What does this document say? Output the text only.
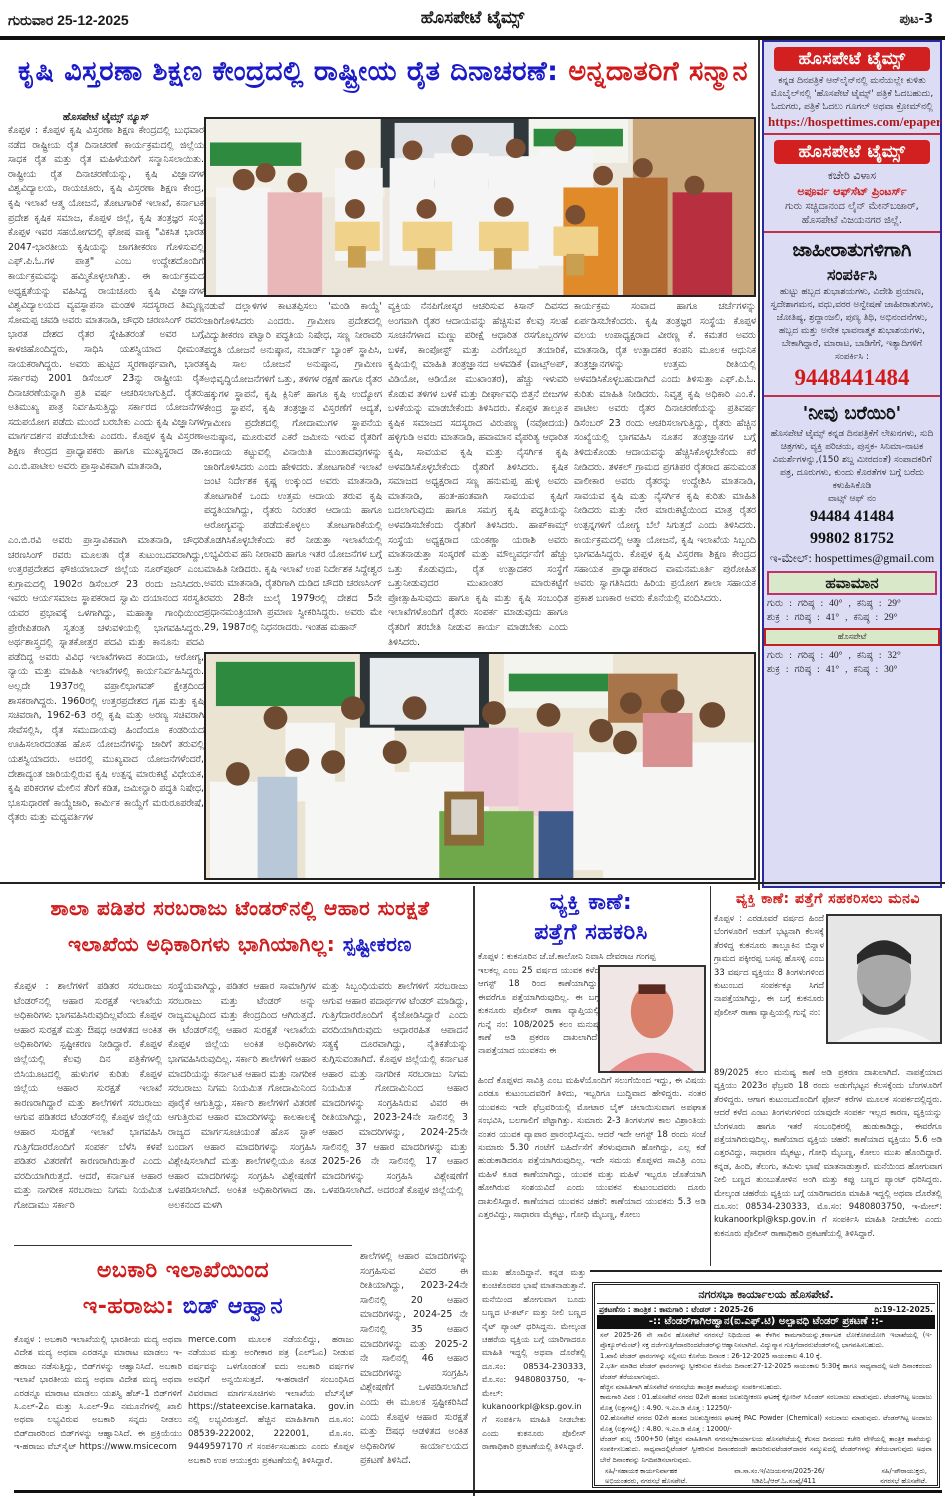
ಗುರುವಾರ 25-12-2025	ಹೊಸಪೇಟೆ ಟೈಮ್ಸ್	ಪುಟ-3
ಕೃಷಿ ವಿಸ್ತರಣಾ ಶಿಕ್ಷಣ ಕೇಂದ್ರದಲ್ಲಿ ರಾಷ್ಟ್ರೀಯ ರೈತ ದಿನಾಚರಣೆ: ಅನ್ನದಾತರಿಗೆ ಸನ್ಮಾನ
ಹೊಸಪೇಟೆ ಟೈಮ್ಸ್ ನ್ಯೂಸ್
ಕೊಪ್ಪಳ : ಕೊಪ್ಪಳ ಕೃಷಿ ವಿಸ್ತರಣಾ ಶಿಕ್ಷಣ ಕೇಂದ್ರದಲ್ಲಿ ಬುಧವಾರ ನಡೆದ ರಾಷ್ಟ್ರೀಯ ರೈತ ದಿನಾಚರಣೆ ಕಾರ್ಯಕ್ರಮದಲ್ಲಿ ಜಿಲ್ಲೆಯ ಸಾಧಕ ರೈತ ಮತ್ತು ರೈತ ಮಹಿಳೆಯರಿಗೆ ಸನ್ಮಾನಿಸಲಾಯಿತು. ರಾಷ್ಟ್ರೀಯ ರೈತ ದಿನಾಚರಣೆಯನ್ನು, ಕೃಷಿ ವಿಜ್ಞಾನಗಳ ವಿಶ್ವವಿದ್ಯಾಲಯ, ರಾಯಚೂರು, ಕೃಷಿ ವಿಸ್ತರಣಾ ಶಿಕ್ಷಣ ಕೇಂದ್ರ, ಕೃಷಿ ಇಲಾಖೆ ಆತ್ಮ ಯೋಜನೆ, ತೋಟಗಾರಿಕೆ ಇಲಾಖೆ, ಕರ್ನಾಟಕ ಪ್ರದೇಶ ಕೃಷಿಕ ಸಮಾಜ, ಕೊಪ್ಪಳ ಜಿಲ್ಲೆ, ಕೃಷಿ ತಂತ್ರಜ್ಞರ ಸಂಸ್ಥೆ ಕೊಪ್ಪಳ ಇವರ ಸಹಯೋಗದಲ್ಲಿ ಘೋಷ ವಾಕ್ಯ "ವಿಕಸಿತ ಭಾರತ 2047-ಭಾರತೀಯ ಕೃಷಿಯನ್ನು ಜಾಗತೀಕರಣ ಗೊಳಿಸುವಲ್ಲಿ ಎಫ್.ಪಿ.ಓ.ಗಳ ಪಾತ್ರ" ಎಂಬ ಉದ್ದೇಶದೊಂದಿಗೆ ಕಾರ್ಯಕ್ರಮವನ್ನು ಹಮ್ಮಿಕೊಳ್ಳಲಾಗಿತ್ತು. ಈ ಕಾರ್ಯಕ್ರಮದ ಅಧ್ಯಕ್ಷತೆಯನ್ನು ವಹಿಸಿದ್ದ ರಾಯಚೂರು ಕೃಷಿ ವಿಜ್ಞಾನಗಳ ವಿಶ್ವವಿದ್ಯಾಲಯದ ವ್ಯವಸ್ಥಾಪನಾ ಮಂಡಳಿ ಸದಸ್ಯರಾದ ತಿಮ್ಮಣ್ಣ ಸೋಮಪ್ಪ ಚವಡಿ ಅವರು ಮಾತನಾಡಿ, ಚೌಧರಿ ಚರಣಸಿಂಗ್ ರವರು ಭಾರತ ದೇಶದ ರೈತರ ಸ್ನೇಹಿತರಂತೆ ಅವರ ಬಗ್ಗೆ ಕಾಳಜಿಹೊಂದಿದ್ದರು, ಸಾಧಿಸಿ ಯಶಸ್ವಿಯಾದ ಧೀಮಂತ ನಾಯಕರಾಗಿದ್ದರು. ಅವರು ಹುಟ್ಟಿದ ಸ್ಮರಣಾರ್ಥವಾಗಿ, ಭಾರತ ಸರ್ಕಾರವು 2001 ಡಿಸೆಂಬರ್ 23ನ್ನು ರಾಷ್ಟ್ರೀಯ ರೈತ ದಿನಾಚರಣೆಯನ್ನಾಗಿ ಪ್ರತಿ ವರ್ಷ ಆಚರಿಸಲಾಗುತ್ತಿದೆ. ರೈತರು ಅತಿಮುಖ್ಯ ಪಾತ್ರ ನಿರ್ವಹಿಸುತ್ತಿದ್ದು ಸರ್ಕಾರದ ಯೋಜನೆಗಳ ಸದುಪಯೋಗ ಪಡೆದು ಮುಂದೆ ಬರಬೇಕು ಎಂದು ಕೃಷಿ ವಿಜ್ಞಾನಿಗಳ ಮಾರ್ಗದರ್ಶನ ಪಡೆಯಬೇಕು ಎಂದರು. ಕೊಪ್ಪಳ ಕೃಷಿ ವಿಸ್ತರಣಾ ಶಿಕ್ಷಣ ಕೇಂದ್ರದ ಪ್ರಾಧ್ಯಾಪಕರು ಹಾಗೂ ಮುಖ್ಯಸ್ಥರಾದ ಡಾ. ಎಂ.ಬಿ.ಪಾಟೀಲ ಅವರು ಪ್ರಾಸ್ತಾವಿಕವಾಗಿ ಮಾತನಾಡಿ,
ನಡುವೆ ದಲ್ಲಾಳಿಗಳ ಕಾಟತಪ್ಪಿಸಲು 'ಮಂಡಿ ಕಾಯ್ದೆ' ಜಾರಿಗೊಳಿಸಿದರು ಎಂದರು. ಗ್ರಾಮೀಣ ಪ್ರದೇಶದಲ್ಲಿ ವಿದ್ಯುತೀಕರಣ ಪಟ್ವಾರಿ ಪದ್ಧತಿಯ ನಿಷೇಧ, ಸಣ್ಣ ನೀರಾವರಿ ಪದ್ಧತಿ ಯೋಜನೆ ಅನುಷ್ಠಾನ, ನಬಾರ್ಡ್ ಬ್ಯಾಂಕ್ ಸ್ಥಾಪಿಸಿ, ಕೃಷಿ ಸಾಲ ಯೋಜನೆ ಅನುಷ್ಠಾನ, ಗ್ರಾಮೀಣ ಅಭಿವೃದ್ಧಿಯೋಜನೆಗಳಿಗೆ ಒತ್ತು, ತಳಿಗಳ ರಕ್ಷಣೆ ಹಾಗೂ ರೈತರ ಹಕ್ಕುಗಳ ಸ್ಥಾಪನೆ, ಕೃಷಿ ಕ್ಲಿನಿಕ್ ಹಾಗೂ ಕೃಷಿ ಉದ್ಯೋಗ ಕೇಂದ್ರ ಸ್ಥಾಪನೆ, ಕೃಷಿ ತಂತ್ರಜ್ಞಾನ ವಿಸ್ತರಣೆಗೆ ಆದ್ಯತೆ, ಗ್ರಾಮೀಣ ಪ್ರದೇಶದಲ್ಲಿ ಗೋದಾಮುಗಳ ಸ್ಥಾಪನೆಯ ಅನುಷ್ಠಾನ, ಮೂರುವರೆ ಎಕರೆ ಜಮೀನು ಇರುವ ರೈತರಿಗೆ ಕಂದಾಯ ಕಟ್ಟುವಲ್ಲಿ ವಿನಾಯಿತಿ ಮುಂತಾದವುಗಳನ್ನು ಜಾರಿಗೊಳಿಸಿದರು ಎಂದು ಹೇಳಿದರು. ತೋಟಗಾರಿಕೆ ಇಲಾಖೆ ಜಂಟಿ ನಿರ್ದೇಶಕ ಕೃಷ್ಣ ಉಕ್ಕುಂದ ಅವರು ಮಾತನಾಡಿ, ತೋಟಗಾರಿಕೆ ಒಂದು ಉತ್ತಮ ಆದಾಯ ತರುವ ಕೃಷಿ ಪದ್ಧತಿಯಾಗಿದ್ದು, ರೈತರು ನಿರಂತರ ಆದಾಯ ಹಾಗೂ ಆರೋಗ್ಯವನ್ನು ಪಡೆದುಕೊಳ್ಳಲು ತೋಟಗಾರಿಕೆಯಲ್ಲಿ ತೊಡಗಿಸಿಕೊಳ್ಳಬೇಕೆಂದು ಕರೆ ನೀಡುತ್ತಾ ಇಲಾಖೆಯಲ್ಲಿ ಲಭ್ಯವಿರುವ ಹನಿ ನೀರಾವರಿ ಹಾಗೂ ಇತರ ಯೋಜನೆಗಳ ಬಗ್ಗೆ ಮಾಹಿತಿ ನೀಡಿದರು. ಕೃಷಿ ಇಲಾಖೆ ಉಪ ನಿರ್ದೇಶಕ ಸಿದ್ದೇಶ್ವರ ಅವರು ಮಾತನಾಡಿ, ರೈತರಿಗಾಗಿ ದುಡಿದ ಚೌದರಿ ಚರಣಸಿಂಗ್ ರವರು 28ನೇ ಜುಲೈ 1979ರಲ್ಲಿ ದೇಶದ 5ನೇ ಪ್ರಧಾನಮಂತ್ರಿಯಾಗಿ ಪ್ರಮಾಣ ಸ್ವೀಕರಿಸಿದ್ದರು. ಅವರು ಮೇ 29, 1987ರಲ್ಲಿ ನಿಧನರಾದರು. ಇಂತಹ ಮಹಾನ್
ವ್ಯಕ್ತಿಯ ನೆನಪಿಗೋಸ್ಕರ ಆಚರಿಸುವ ಕಿಸಾನ್ ದಿವಸದ ಅಂಗವಾಗಿ ರೈತರ ಆದಾಯವನ್ನು ಹೆಚ್ಚಿಸುವ ಕೆಲವು ಸಲಹೆ ಸೂಚನೆಗಳಾದ ಮಣ್ಣು ಪರೀಕ್ಷೆ ಆಧಾರಿತ ರಸಗೊಬ್ಬರಗಳ ಬಳಕೆ, ಕಾಂಪೋಸ್ಟ್ ಮತ್ತು ಎರೆಗೊಬ್ಬರ ತಯಾರಿಕೆ, ಕೃಷಿಯಲ್ಲಿ ಮಾಹಿತಿ ತಂತ್ರಜ್ಞಾನದ ಅಳವಡಿಕೆ (ವಾಟ್ಸ್‌ಅಪ್, ವಿಡಿಯೋ, ಆಡಿಯೋ ಮುಖಾಂತರ), ಹೆಚ್ಚು ಇಳುವರಿ ಕೊಡುವ ತಳಿಗಳ ಬಳಕೆ ಮತ್ತು ದೀರ್ಘಾವಧಿ ಬಿತ್ತನೆ ಬೀಜಗಳ ಬಳಕೆಯನ್ನು ಮಾಡಬೇಕೆಂದು ತಿಳಿಸಿದರು. ಕೊಪ್ಪಳ ತಾಲ್ಲೂಕ ಕೃಷಿಕ ಸಮಾಜದ ಸದಸ್ಯರಾದ ವಿರುಪಣ್ಣ (ನವೋದಯ) ಹಳ್ಳಿಗುಡಿ ಅವರು ಮಾತನಾಡಿ, ಹವಾಮಾನ ವೈಪರಿತ್ಯ ಆಧಾರಿತ ಕೃಷಿ, ಸಾವಯವ ಕೃಷಿ ಮತ್ತು ನೈಸರ್ಗಿಕ ಕೃಷಿ ಅಳವಡಿಸಿಕೊಳ್ಳಬೇಕೆಂದು ರೈತರಿಗೆ ತಿಳಿಸಿದರು. ಕೃಷಿಕ ಸಮಾಜದ ಅಧ್ಯಕ್ಷರಾದ ಸಣ್ಣ ಹನುಮಪ್ಪ ಹುಳ್ಳಿ ಅವರು ಮಾತನಾಡಿ, ಹಂತ-ಹಂತವಾಗಿ ಸಾವಯವ ಕೃಷಿಗೆ ಬದಲಾಗುವುದು ಹಾಗೂ ಸಮಗ್ರ ಕೃಷಿ ಪದ್ಧತಿಯನ್ನು ಅಳವಡಿಸಬೇಕೆಂದು ರೈತರಿಗೆ ತಿಳಿಸಿದರು. ಹಾಪ್‌ಕಾಮ್ಸ್ ಸಂಸ್ಥೆಯ ಅಧ್ಯಕ್ಷರಾದ ಯಂಕಣ್ಣಾ ಯರಾಶಿ ಅವರು ಮಾತನಾಡುತ್ತಾ ಸಂಸ್ಕರಣೆ ಮತ್ತು ಮೌಲ್ಯವರ್ಧನೆಗೆ ಹೆಚ್ಚು ಒತ್ತು ಕೊಡುವುದು, ರೈತ ಉತ್ಪಾದಕರ ಸಂಸ್ಥೆಗೆ ಒತ್ತುನೀಡುವುದರ ಮುಖಾಂತರ ಮಾರುಕಟ್ಟೆಗೆ ಪ್ರೋತ್ಸಾಹಿಸುವುದು ಹಾಗೂ ಕೃಷಿ ಮತ್ತು ಕೃಷಿ ಸಂಬಂಧಿತ ಇಲಾಖೆಗಳೊಂದಿಗೆ ರೈತರು ಸಂಪರ್ಕ ಮಾಡುವುದು ಹಾಗೂ ರೈತರಿಗೆ ತರಬೇತಿ ನೀಡುವ ಕಾರ್ಯ ಮಾಡಬೇಕು ಎಂದು ತಿಳಿಸಿದರು.
ಕಾರ್ಯಕ್ರಮ ಸಂವಾದ ಹಾಗೂ ಚರ್ಚೆಗಳನ್ನು ಏರ್ಪಡಿಸಬೇಕೆಂದರು. ಕೃಷಿ ತಂತ್ರಜ್ಞರ ಸಂಸ್ಥೆಯ ಕೊಪ್ಪಳ ವಲಯ ಉಪಾಧ್ಯಕ್ಷರಾದ ವೀರಣ್ಣ ಕೆ. ಕಮತರ ಅವರು ಮಾತನಾಡಿ, ರೈತ ಉತ್ಪಾದಕರ ಕಂಪನಿ ಮೂಲಕ ಆಧುನಿಕ ತಂತ್ರಜ್ಞಾನಗಳನ್ನು ಉತ್ತಮ ರೀತಿಯಲ್ಲಿ ಅಳವಡಿಸಿಕೊಳ್ಳಬಹುದಾಗಿದೆ ಎಂದು ತಿಳಿಸುತ್ತಾ ಎಫ್.ಪಿ.ಓ. ಕುರಿತು ಮಾಹಿತಿ ನೀಡಿದರು. ನಿವೃತ್ತ ಕೃಷಿ ಅಧಿಕಾರಿ ಎಂ.ಕೆ. ಪಾಟೀಲ ಅವರು ರೈತರ ದಿನಾಚರಣೆಯನ್ನು ಪ್ರತಿವರ್ಷ ಡಿಸೆಂಬರ್ 23 ರಂದು ಆಚರಿಸಲಾಗುತ್ತಿದ್ದು, ರೈತರು ಹೆಚ್ಚಿನ ಸಂಖ್ಯೆಯಲ್ಲಿ ಭಾಗವಹಿಸಿ ನೂತನ ತಂತ್ರಜ್ಞಾನಗಳ ಬಗ್ಗೆ ತಿಳಿದುಕೊಂಡು ಆದಾಯವನ್ನು ಹೆಚ್ಚಿಸಿಕೊಳ್ಳಬೇಕೆಂದು ಕರೆ ನೀಡಿದರು. ತಳಕಲ್ ಗ್ರಾಮದ ಪ್ರಗತಿಪರ ರೈತರಾದ ಹನುಮಂತ ವಾಲೀಕಾರ ಅವರು ರೈತರನ್ನು ಉದ್ದೇಶಿಸಿ ಮಾತನಾಡಿ, ಸಾವಯವ ಕೃಷಿ ಮತ್ತು ನೈಸರ್ಗಿಕ ಕೃಷಿ ಕುರಿತು ಮಾಹಿತಿ ನೀಡಿದರು ಮತ್ತು ನೇರ ಮಾರುಕಟ್ಟೆಯಿಂದ ಮಾತ್ರ ರೈತರ ಉತ್ಪನ್ನಗಳಿಗೆ ಯೋಗ್ಯ ಬೆಲೆ ಸಿಗುತ್ತದೆ ಎಂದು ತಿಳಿಸಿದರು. ಕಾರ್ಯಕ್ರಮದಲ್ಲಿ ಆತ್ಮಾ ಯೋಜನೆ, ಕೃಷಿ ಇಲಾಖೆಯ ಸಿಬ್ಬಂದಿ ಭಾಗವಹಿಸಿದ್ದರು. ಕೊಪ್ಪಳ ಕೃಷಿ ವಿಸ್ತರಣಾ ಶಿಕ್ಷಣ ಕೇಂದ್ರದ ಸಹಾಯಕ ಪ್ರಾಧ್ಯಾಪಕರಾದ ವಾಮನಮೂರ್ತಿ ಪುರೋಹಿತ ಅವರು ಸ್ವಾಗತಿಸಿದರು ಹಿರಿಯ ಪ್ರಯೋಗ ಶಾಲಾ ಸಹಾಯಕ ಪ್ರಕಾಶ ಬಣಕಾರ ಅವರು ಕೊನೆಯಲ್ಲಿ ವಂದಿಸಿದರು.
ಎಂ.ಬಿ.ರವಿ ಅವರು ಪ್ರಾಸ್ತಾವಿಕವಾಗಿ ಮಾತನಾಡಿ, ಚೌಧರಿ ಚರಣಸಿಂಗ್ ರವರು ಮೂಲತಃ ರೈತ ಕುಟುಂಬದವರಾಗಿದ್ದು, ಉತ್ತರಪ್ರದೇಶದ ಘೌಜಿಯಾಬಾದ್ ಜಿಲ್ಲೆಯ ನೂರ್‌ಪೂರ್ ಎಂಬ ಕುಗ್ರಾಮದಲ್ಲಿ 1902ರ ಡಿಸೆಂಬರ್ 23 ರಂದು ಜನಿಸಿದರು. ಇವರು ಆರ್ಯಸಮಾಜ ಸ್ಥಾಪಕರಾದ ಸ್ವಾಮಿ ದಯಾನಂದ ಸರಸ್ವತಿ ಯವರ ಪ್ರಭಾವಕ್ಕೆ ಒಳಗಾಗಿದ್ದು, ಮಹಾತ್ಮಾ ಗಾಂಧಿಯಿಂದ ಪ್ರೇರೇಪಿತರಾಗಿ ಸ್ವತಂತ್ರ ಚಳುವಳಿಯಲ್ಲಿ ಭಾಗವಹಿಸಿದ್ದರು. ಅರ್ಥಶಾಸ್ತ್ರದಲ್ಲಿ ಸ್ನಾತಕೋತ್ತರ ಪದವಿ ಮತ್ತು ಕಾನೂನು ಪದವಿ ಪಡೆದಿದ್ದ ಅವರು ವಿವಿಧ ಇಲಾಖೆಗಳಾದ ಕಂದಾಯ, ಆರೋಗ್ಯ, ನ್ಯಾಯ ಮತ್ತು ಮಾಹಿತಿ ಇಲಾಖೆಗಳಲ್ಲಿ ಕಾರ್ಯನಿರ್ವಹಿಸಿದ್ದರು. ಅಲ್ಲದೇ 1937ರಲ್ಲಿ ವಪ್ರಾಲಿಭಾಗವತ್ ಕ್ಷೇತ್ರದಿಂದ ಶಾಸಕರಾಗಿದ್ದರು. 1960ರಲ್ಲಿ ಉತ್ತರಪ್ರದೇಶದ ಗೃಹ ಮತ್ತು ಕೃಷಿ ಸಚಿವರಾಗಿ, 1962-63 ರಲ್ಲಿ ಕೃಷಿ ಮತ್ತು ಅರಣ್ಯ ಸಚಿವರಾಗಿ ಸೇವೆಸಲ್ಲಿಸಿ, ರೈತ ಸಮುದಾಯವು ಹಿಂದೆಂದೂ ಕಂಡರಿಯದ ಊಹಿಸಲಾರದಂತಹ ಹೊಸ ಯೋಜನೆಗಳನ್ನು ಜಾರಿಗೆ ತರುವಲ್ಲಿ ಯಶಸ್ವಿಯಾದರು. ಅದರಲ್ಲಿ ಮುಖ್ಯವಾದ ಯೋಜನೆಗಳೆಂದರೆ, ದೇಶಾದ್ಯಂತ ಜಾರಿಯಲ್ಲಿರುವ ಕೃಷಿ ಉತ್ಪನ್ನ ಮಾರುಕಟ್ಟೆ ವಿಧೇಯಕ, ಕೃಷಿ ಪರಿಕರಗಳ ಮೇಲಿನ ತೆರಿಗೆ ಕಡಿತ, ಜಮೀನ್ದಾರಿ ಪದ್ಧತಿ ನಿಷೇಧ, ಭೂಸುಧಾರಣೆ ಕಾಯ್ದೆಜಾರಿ, ಕಾರ್ಮಿಕ ಕಾಯ್ದೆಗೆ ಮರುರೂಪರೇಷೆ, ರೈತರು ಮತ್ತು ಮಧ್ಯವರ್ತಿಗಳ
ಹೊಸಪೇಟೆ ಟೈಮ್ಸ್
ಕನ್ನಡ ದಿನಪತ್ರಿಕೆ ಆನ್‌ಲೈನ್‌ನಲ್ಲಿ ಮನೆಯಲ್ಲೇ ಕುಳಿತು ಮೊಬೈಲ್‌ನಲ್ಲಿ 'ಹೊಸಪೇಟೆ ಟೈಮ್ಸ್' ಪತ್ರಿಕೆ ಓದಬಹುದು, ಓದುಗರು, ಪತ್ರಿಕೆ ಓದಲು ಗೂಗಲ್ ಅಥವಾ ಕ್ರೋಮ್‌ನಲ್ಲಿ
https://hospettimes.com/epaper
ಹೊಸಪೇಟೆ ಟೈಮ್ಸ್
ಕಚೇರಿ ವಿಳಾಸ
ಅಪೂರ್ವ ಆಫ್‌ಸೆಟ್ ಪ್ರಿಂಟರ್ಸ್
ಗುರು ಸಚ್ಚಿದಾನಂದ ಲೈನ್ ಮೇನ್‌ಬಜಾರ್, ಹೊಸಪೇಟೆ ವಿಜಯನಗರ ಜಿಲ್ಲೆ.
ಜಾಹೀರಾತುಗಳಿಗಾಗಿ
ಸಂಪರ್ಕಿಸಿ
ಹುಟ್ಟು ಹಬ್ಬದ ಶುಭಾಶಯಗಳು, ವಿದೇಶಿ ಪ್ರಯಾಣ, ಸ್ವದೇಶಾಗಮನ, ವಧು,ವರರ ಅನ್ವೇಷಣೆ ಜಾಹೀರಾತುಗಳು, ಜೋತಿಷ್ಯ, ಶ್ರದ್ಧಾಂಜಲಿ, ಪುಣ್ಯ ತಿಥಿ, ಅಭಿನಂದನೆಗಳು, ಹಬ್ಬದ ಮತ್ತು ಅನೇಕ ಭಾವನಾತ್ಮಕ ಶುಭಾಶಯಗಳು, ಬೇಕಾಗಿದ್ದಾರೆ, ಮಾರಾಟ, ಬಾಡಿಗೆಗೆ, ಇತ್ಯಾದಿಗಳಿಗೆ
ಸಂಪರ್ಕಿಸಿ :
9448441484
'ನೀವು ಬರೆಯಿರಿ'
ಹೊಸಪೇಟೆ ಟೈಮ್ಸ್ ಕನ್ನಡ ದಿನಪತ್ರಿಕೆಗೆ ಲೇಖನಗಳು, ಸುದಿ ಚಿತ್ರಗಳು, ವ್ಯಕ್ತಿ ಪರಿಚಯ, ಪುಸ್ತಕ- ಸಿನಿಮಾ-ನಾಟಕ ವಿಮರ್ಶೆಗಳನ್ನು,(150 ಶಬ್ದ ಮೀರದಂತೆ) ಸಂಪಾದಕರಿಗೆ ಪತ್ರ, ದೂರುಗಳು, ಕುಂದು ಕೊರತೆಗಳ ಬಗ್ಗೆ ಬರೆದು ಕಳುಹಿಸಿಕೊಡಿ
ವಾಟ್ಸ್ ಆಫ್ ನಂ
94484 41484
99802 81752
ಇ-ಮೇಲ್: hospettimes@gmail.com
ಹವಾಮಾನ
ಗುರು : ಗರಿಷ್ಠ : 40° , ಕನಿಷ್ಠ : 29°
ಶುಕ್ರ : ಗರಿಷ್ಠ : 41° , ಕನಿಷ್ಠ : 29°
ಹೊಸಪೇಟೆ
ಗುರು : ಗರಿಷ್ಠ : 40° , ಕನಿಷ್ಠ : 32°
ಶುಕ್ರ : ಗರಿಷ್ಠ : 41° , ಕನಿಷ್ಠ : 30°
ಶಾಲಾ ಪಡಿತರ ಸರಬರಾಜು ಟೆಂಡರ್‌ನಲ್ಲಿ ಆಹಾರ ಸುರಕ್ಷತೆ
ಇಲಾಖೆಯ ಅಧಿಕಾರಿಗಳು ಭಾಗಿಯಾಗಿಲ್ಲ: ಸ್ಪಷ್ಟೀಕರಣ
ಕೊಪ್ಪಳ : ಶಾಲೆಗಳಿಗೆ ಪಡಿತರ ಸರಬರಾಜು ಟೆಂಡರ್‌ನಲ್ಲಿ ಆಹಾರ ಸುರಕ್ಷತೆ ಇಲಾಖೆಯ ಅಧಿಕಾರಿಗಳು ಭಾಗವಹಿಸಿರುವುದಿಲ್ಲವೆಂದು ಕೊಪ್ಪಳ ಆಹಾರ ಸುರಕ್ಷತೆ ಮತ್ತು ಔಷಧ ಆಡಳಿತದ ಅಂಕಿತ ಅಧಿಕಾರಿಗಳು ಸ್ಪಷ್ಟೀಕರಣ ನೀಡಿದ್ದಾರೆ. ಕೊಪ್ಪಳ ಜಿಲ್ಲೆಯಲ್ಲಿ ಕೆಲವು ದಿನ ಪತ್ರಿಕೆಗಳಲ್ಲಿ ಬಿಸಿಯೂಟದಲ್ಲಿ ಹುಳುಗಳ ಕುರಿತು ಕೊಪ್ಪಳ ಜಿಲ್ಲೆಯ ಆಹಾರ ಸುರಕ್ಷತೆ ಇಲಾಖೆ ಕಾರಣರಾಗಿದ್ದಾರೆ ಮತ್ತು ಶಾಲೆಗಳಿಗೆ ಸರಬರಾಜು ಆಗುವ ಪಡಿತರದ ಟೆಂಡರ್‌ನಲ್ಲಿ ಕೊಪ್ಪಳ ಜಿಲ್ಲೆಯ ಆಹಾರ ಸುರಕ್ಷತೆ ಇಲಾಖೆ ಭಾಗವಹಿಸಿ ಗುತ್ತಿಗೆದಾರರೊಂದಿಗೆ ಸಂಪರ್ಕ ಬೆಳೆಸಿ ಕಳಪೆ ಪಡಿತರ ವಿತರಣೆಗೆ ಕಾರಣರಾಗಿರುತ್ತಾರೆ ಎಂದು ವರದಿಯಾಗಿರುತ್ತದೆ. ಆದರೆ, ಕರ್ನಾಟಕ ಆಹಾರ ಮತ್ತು ನಾಗರೀಕ ಸರಬರಾಜು ನಿಗಮ ನಿಯಮಿತ ಗೋದಾಮು ಸರ್ಕಾರಿ
ಸಂಸ್ಥೆಯವಾಗಿದ್ದು, ಪಡಿತರ ಆಹಾರ ಸಾಮಾಗ್ರಿಗಳ ಸರಬರಾಜು ಮತ್ತು ಟೆಂಡರ್ ಅನ್ನು ರಾಜ್ಯಮಟ್ಟದಿಂದ ಮತ್ತು ಕೇಂದ್ರದಿಂದ ಆಗಿರುತ್ತದೆ. ಈ ಟೆಂಡರ್‌ನಲ್ಲಿ ಆಹಾರ ಸುರಕ್ಷತೆ ಇಲಾಖೆಯ ಕೊಪ್ಪಳ ಜಿಲ್ಲೆಯ ಅಂಕಿತ ಅಧಿಕಾರಿಗಳು ಭಾಗವಹಿಸಿರುವುದಿಲ್ಲ. ಸರ್ಕಾರಿ ಶಾಲೆಗಳಿಗೆ ಆಹಾರ ಮಾದರಿಯನ್ನು ಕರ್ನಾಟಕ ಆಹಾರ ಮತ್ತು ನಾಗರೀಕ ಸರಬರಾಜು ನಿಗಮ ನಿಯಮಿತ ಗೋದಾಮಿನಿಂದ ಪೂರೈಕೆ ಆಗುತ್ತಿದ್ದು, ಸರ್ಕಾರಿ ಶಾಲೆಗಳಿಗೆ ವಿತರಣೆ ಆಗುತ್ತಿರುವ ಆಹಾರ ಮಾದರಿಗಳನ್ನು ಕಾಲಕಾಲಕ್ಕೆ ರಾಜ್ಯದ ಮಾರ್ಗಸೂಚಿಯಂತೆ ಹೊಸ ಸ್ಟಾಕ್ ಬಂದಾಗ ಆಹಾರ ಮಾದರಿಗಳನ್ನು ಸಂಗ್ರಹಿಸಿ ವಿಶ್ಲೇಷಿಸಲಾಗಿದೆ ಮತ್ತು ಶಾಲೆಗಳಲ್ಲಿಯೂ ಕೂಡ ಆಹಾರ ಮಾದರಿಗಳನ್ನು ಸಂಗ್ರಹಿಸಿ ವಿಶ್ಲೇಷಣೆಗೆ ಒಳಪಡಿಸಲಾಗಿದೆ. ಅಂಕಿತ ಅಧಿಕಾರಿಗಳಾದ ಡಾ. ಅಲಕನಂದ ಮಳಗಿ
ಮತ್ತು ಸಿಬ್ಬಂಧಿಯವರು ಶಾಲೆಗಳಿಗೆ ಸರಬರಾಜು ಆಗುವ ಆಹಾರ ಪದಾರ್ಥಗಳ ಟೆಂಡರ್ ಮಾಡಿದ್ದು, ಗುತ್ತಿಗೆದಾರರೊಂದಿಗೆ ಕೈಜೋಡಿಸಿದ್ದಾರೆ ಎಂದು ವರದಿಯಾಗಿರುವುದು ಆಧಾರರಹಿತ ಆಪಾದನೆ ಸತ್ಯಕ್ಕೆ ದೂರವಾಗಿದ್ದು, ನೈತಿಕತೆಯನ್ನು ಕುಗ್ಗಿಸುವಂತಾಗಿದೆ. ಕೊಪ್ಪಳ ಜಿಲ್ಲೆಯಲ್ಲಿ ಕರ್ನಾಟಕ ಆಹಾರ ಮತ್ತು ನಾಗರೀಕ ಸರಬರಾಜು ನಿಗಮ ನಿಯಮಿತ ಗೋದಾಮಿನಿಂದ ಆಹಾರ ಮಾದರಿಗಳನ್ನು ಸಂಗ್ರಹಿಸಿರುವ ವಿವರ ಈ ರೀತಿಯಾಗಿದ್ದು, 2023-24ನೇ ಸಾಲಿನಲ್ಲಿ 3 ಆಹಾರ ಮಾದರಿಗಳನ್ನು, 2024-25ನೇ ಸಾಲಿನಲ್ಲಿ 37 ಆಹಾರ ಮಾದರಿಗಳನ್ನು ಮತ್ತು 2025-26 ನೇ ಸಾಲಿನಲ್ಲಿ 17 ಆಹಾರ ಮಾದರಿಗಳನ್ನು ಸಂಗ್ರಹಿಸಿ ವಿಶ್ಲೇಷಣೆಗೆ ಒಳಪಡಿಸಲಾಗಿದೆ. ಅದರಂತೆ ಕೊಪ್ಪಳ ಜಿಲ್ಲೆಯಲ್ಲಿ
ಶಾಲೆಗಳಲ್ಲಿ ಆಹಾರ ಮಾದರಿಗಳನ್ನು ಸಂಗ್ರಹಿಸುವ ವಿವರ ಈ ರೀತಿಯಾಗಿದ್ದು, 2023-24ನೇ ಸಾಲಿನಲ್ಲಿ 20 ಆಹಾರ ಮಾದರಿಗಳನ್ನು, 2024-25 ನೇ ಸಾಲಿನಲ್ಲಿ 35 ಆಹಾರ ಮಾದರಿಗಳನ್ನು ಮತ್ತು 2025-2 ನೇ ಸಾಲಿನಲ್ಲಿ 46 ಆಹಾರ ಮಾದರಿಗಳನ್ನು ಸಂಗ್ರಹಿಸಿ ವಿಶ್ಲೇಷಣೆಗೆ ಒಳಪಡಿಸಲಾಗಿದೆ ಎಂದು ಈ ಮೂಲಕ ಸ್ಪಷ್ಟೀಕರಿಸಿದೆ ಎಂದು ಕೊಪ್ಪಳ ಆಹಾರ ಸುರಕ್ಷತೆ ಮತ್ತು ಔಷಧ ಆಡಳಿತದ ಅಂಕಿತ ಅಧಿಕಾರಿಗಳ ಕಾರ್ಯಾಲಯದ ಪ್ರಕಟಣೆ ತಿಳಿಸಿದೆ.
ಅಬಕಾರಿ ಇಲಾಖೆಯಿಂದ
ಇ-ಹರಾಜು: ಬಿಡ್ ಆಹ್ವಾನ
ಕೊಪ್ಪಳ : ಅಬಕಾರಿ ಇಲಾಖೆಯಲ್ಲಿ ಭಾರತೀಯ ಮದ್ಯ ಅಥವಾ ವಿದೇಶ ಮದ್ಯ ಅಥವಾ ಎರಡನ್ನೂ ಮಾರಾಟ ಮಾಡಲು ಇ-ಹರಾಜು ನಡೆಸುತ್ತಿದ್ದು, ಬಿಡ್‌ಗಳನ್ನು ಆಹ್ವಾನಿಸಿದೆ. ಅಬಕಾರಿ ಇಲಾಖೆ ಭಾರತೀಯ ಮದ್ಯ ಅಥವಾ ವಿದೇಶ ಮದ್ಯ ಅಥವಾ ಎರಡನ್ನೂ ಮಾರಾಟ ಮಾಡಲು ಯಶಸ್ವಿ ಹೆಚ್-1 ಬಿಡ್‌ಗಳಿಗೆ ಸಿ.ಎಲ್-2ಎ ಮತ್ತು ಸಿ.ಎಲ್-9ಎ ನಮೂನೆಗಳಲ್ಲಿ ಖಾಲಿ ಅಥವಾ ಲಭ್ಯವಿರುವ ಅಬಕಾರಿ ಸನ್ನದು ನೀಡಲು ಬಿಡ್‌ದಾರರಿಂದ ಬಿಡ್‌ಗಳನ್ನು ಆಹ್ವಾನಿಸಿದೆ. ಈ ಪ್ರಕ್ರಿಯೆಯು ಇ-ಹರಾಜು ವೆಬ್‌ಸೈಟ್ https://www.msicecom
merce.com ಮೂಲಕ ನಡೆಯಲಿದ್ದು, ಹರಾಜು ನಡೆಯುವ ಮತ್ತು ಅಂಗೀಕಾರ ಪತ್ರ (ಎಲ್‌ಓಎ) ನೀಡುವ ವರ್ಷವನ್ನು ಒಳಗೊಂಡಂತೆ ಐದು ಅಬಕಾರಿ ವರ್ಷಗಳ ಅವಧಿಗೆ ಅನ್ವಯಿಸುತ್ತದೆ. ಇ-ಹರಾಜಿಗೆ ಸಂಬಂಧಿಸಿದ ವಿವರವಾದ ಮಾರ್ಗಸೂಚಿಗಳು ಇಲಾಖೆಯ ವೆಬ್‌ಸೈಟ್ https://stateexcise.karnataka. gov.in ನಲ್ಲಿ ಲಭ್ಯವಿರುತ್ತದೆ. ಹೆಚ್ಚಿನ ಮಾಹಿತಿಗಾಗಿ ದೂ.ಸಂ: 08539-222002, 222001, ಮೊ.ಸಂ. 9449597170 ಗೆ ಸಂಪರ್ಕಿಸಬಹುದು ಎಂದು ಕೊಪ್ಪಳ ಅಬಕಾರಿ ಉಪ ಆಯುಕ್ತರು ಪ್ರಕಟಣೆಯಲ್ಲಿ ತಿಳಿಸಿದ್ದಾರೆ.
ವ್ಯಕ್ತಿ ಕಾಣೆ:
ಪತ್ತೆಗೆ ಸಹಕರಿಸಿ
ಕೊಪ್ಪಳ : ಕುಕನೂರಿನ ಜೆ.ಜೆ.ಕಾಲೋನಿ ನಿವಾಸಿ ದೇವರಾಜ ಗಂಗಪ್ಪ
ಇಲಕಲ್ಲ ಎಂಬ 25 ವರ್ಷದ ಯುವಕ ಕಳೆದ ಆಗಸ್ಟ್ 18 ರಿಂದ ಕಾಣೆಯಾಗಿದ್ದು, ಈವರೆಗೂ ಪತ್ತೆಯಾಗಿರುವುದಿಲ್ಲ. ಈ ಬಗ್ಗೆ ಕುಕನೂರು ಪೊಲೀಸ್ ಠಾಣಾ ವ್ಯಾಪ್ತಿಯಲ್ಲಿ ಗುನ್ನೆ ನಂ: 108/2025 ಕಲಂ ಮನುಷ್ಯ ಕಾಣೆ ಅಡಿ ಪ್ರಕರಣ ದಾಖಲಾಗಿದೆ. ನಾಪತ್ತೆಯಾದ ಯುವಕನು ಈ
ಹಿಂದೆ ಕೊಪ್ಪಳದ ಸಾವಿತ್ರಿ ಎಂಬ ಮಹಿಳೆಯೊಂದಿಗೆ ಸಲುಗೆಯಿಂದ ಇದ್ದು, ಈ ವಿಷಯ ಎರಡೂ ಕುಟುಂಬದವರಿಗೆ ತಿಳಿದು, ಇಬ್ಬರಿಗೂ ಬುದ್ದಿವಾದ ಹೇಳಿದ್ದರು. ನಂತರ ಯುವಕನು ಇದೇ ಫೆಬ್ರವರಿಯಲ್ಲಿ ಮೋಟಾರ ಬೈಕ್ ಚಲಾಯಿಸುವಾಗ ಅಪಘಾತ ಸಂಭವಿಸಿ, ಬಲಗಾಲಿಗೆ ಪೆಟ್ಟಾಗಿತ್ತು. ಸುಮಾರು 2-3 ತಿಂಗಳುಗಳ ಕಾಲ ವಿಶ್ರಾಂತಿಯ ನಂತರ ಯುವಕ ವ್ಯಾಪಾರ ಪ್ರಾರಂಭಿಸಿದ್ದನು. ಆದರೆ ಇದೇ ಆಗಸ್ಟ್ 18 ರಂದು ಸಂಜೆ ಸುಮಾರು 5.30 ಗಂಟೆಗೆ ಬಹಿರ್ದೆಸೆಗೆ ತೆರಳುವುದಾಗಿ ಹೋಗಿದ್ದು, ಎಲ್ಲ ಕಡೆ ಹುಡುಕಾಡಿದರೂ ಪತ್ತೆಯಾಗಿರುವುದಿಲ್ಲ. ಇದೇ ಸಮಯ ಕೊಪ್ಪಳದ ಸಾವಿತ್ರಿ ಎಂಬ ಮಹಿಳೆ ಕೂಡ ಕಾಣೆಯಾಗಿದ್ದು, ಯುವಕ ಮತ್ತು ಮಹಿಳೆ ಇಬ್ಬರೂ ಜೊತೆಯಾಗಿ ಹೋಗಿರುವ ಸಂಶಯವಿದೆ ಎಂದು ಯುವಕನ ಕುಟುಂಬದವರು ದೂರು ದಾಖಲಿಸಿದ್ದಾರೆ. ಕಾಣೆಯಾದ ಯುವಕನ ಚಹರೆ: ಕಾಣೆಯಾದ ಯುವಕನು 5.3 ಅಡಿ ಎತ್ತರವಿದ್ದು, ಸಾಧಾರಣ ಮೈಕಟ್ಟು, ಗೋಧಿ ಮೈಬಣ್ಣ, ಕೋಲು
ಮುಖ ಹೊಂದಿದ್ದಾನೆ. ಕನ್ನಡ ಮತ್ತು ಕುಂಚಿಕೊರವರ ಭಾಷೆ ಮಾತನಾಡುತ್ತಾನೆ. ಮನೆಯಿಂದ ಹೋಗುವಾಗ ಬೂದು ಬಣ್ಣದ ಟಿ-ಶರ್ಟ್ ಮತ್ತು ನೀಲಿ ಬಣ್ಣದ ನೈಟ್ ಪ್ಯಾಂಟ್ ಧರಿಸಿದ್ದನು. ಮೇಲ್ಕಂಡ ಚಹರೆಯ ವ್ಯಕ್ತಿಯ ಬಗ್ಗೆ ಯಾರಿಗಾದರೂ ಮಾಹಿತಿ ಇದ್ದಲ್ಲಿ ಅಥವಾ ದೊರೆತಲ್ಲಿ ದೂ.ಸಂ: 08534-230333, ಮೊ.ಸಂ: 9480803750, ಇ-ಮೇಲ್: kukanoorkpl@ksp.gov.in ಗೆ ಸಂಪರ್ಕಿಸಿ ಮಾಹಿತಿ ನೀಡಬೇಕು ಎಂದು ಕುಕನೂರು ಪೊಲೀಸ್ ಠಾಣಾಧಿಕಾರಿ ಪ್ರಕಟಣೆಯಲ್ಲಿ ತಿಳಿಸಿದ್ದಾರೆ.
ವ್ಯಕ್ತಿ ಕಾಣೆ: ಪತ್ತೆಗೆ ಸಹಕರಿಸಲು ಮನವಿ
ಕೊಪ್ಪಳ : ಎರಡೂವರೆ ವರ್ಷದ ಹಿಂದೆ ಬೆಂಗಳೂರಿಗೆ ಅಡುಗೆ ಭಟ್ಟನಾಗಿ ಕೆಲಸಕ್ಕೆ ತೆರಳಿದ್ದ ಕುಕನೂರು ತಾಲ್ಲೂಕಿನ ಬಿನ್ನಾಳ ಗ್ರಾಮದ ಪಕ್ಕೀರಪ್ಪ ಬಸಪ್ಪ ಹೊಸಳ್ಳಿ ಎಂಬ 33 ವರ್ಷದ ವ್ಯಕ್ತಿಯು 8 ತಿಂಗಳುಗಳಿಂದ ಕುಟುಂಬದ ಸಂಪರ್ಕಕ್ಕೂ ಸಿಗದೆ ನಾಪತ್ತೆಯಾಗಿದ್ದು, ಈ ಬಗ್ಗೆ ಕುಕನೂರು ಪೊಲೀಸ್ ಠಾಣಾ ವ್ಯಾಪ್ತಿಯಲ್ಲಿ ಗುನ್ನೆ ನಂ:
89/2025 ಕಲಂ ಮನುಷ್ಯ ಕಾಣೆ ಅಡಿ ಪ್ರಕರಣ ದಾಖಲಾಗಿದೆ. ನಾಪತ್ತೆಯಾದ ವ್ಯಕ್ತಿಯು 2023ರ ಫೆಬ್ರವರಿ 18 ರಂದು ಅಡುಗೆಭಟ್ಟನ ಕೆಲಸಕ್ಕೆಂದು ಬೆಂಗಳೂರಿಗೆ ತೆರಳಿದ್ದರು. ಆಗಾಗ ಕುಟುಂಬದೊಂದಿಗೆ ಫೋನ್ ಕರೆಗಳ ಮೂಲಕ ಸಂಪರ್ಕದಲ್ಲಿದ್ದರು. ಆದರೆ ಕಳೆದ ಎಂಟು ತಿಂಗಳುಗಳಿಂದ ಯಾವುದೇ ಸಂಪರ್ಕ ಇಲ್ಲದ ಕಾರಣ, ವ್ಯಕ್ತಿಯನ್ನು ಬೆಂಗಳೂರು ಹಾಗೂ ಇತರೆ ಸಂಬಂಧಿಕರಲ್ಲಿ ಹುಡುಕಾಡಿದ್ದು, ಈವರೆಗೂ ಪತ್ತೆಯಾಗಿರುವುದಿಲ್ಲ. ಕಾಣೆಯಾದ ವ್ಯಕ್ತಿಯ ಚಹರೆ: ಕಾಣೆಯಾದ ವ್ಯಕ್ತಿಯು 5.6 ಅಡಿ ಎತ್ತರವಿದ್ದು, ಸಾಧಾರಣ ಮೈಕಟ್ಟು, ಗೋಧಿ ಮೈಬಣ್ಣ, ಕೋಲು ಮುಖ ಹೊಂದಿದ್ದಾರೆ. ಕನ್ನಡ, ಹಿಂದಿ, ತೆಲುಗು, ತಮಿಳು ಭಾಷೆ ಮಾತನಾಡುತ್ತಾರೆ. ಮನೆಯಿಂದ ಹೋಗುವಾಗ ನೀಲಿ ಬಣ್ಣದ ತುಂಬುತೋಳಿನ ಅಂಗಿ ಮತ್ತು ಕಪ್ಪು ಬಣ್ಣದ ಪ್ಯಾಂಟ್ ಧರಿಸಿದ್ದರು. ಮೇಲ್ಕಂಡ ಚಹರೆಯ ವ್ಯಕ್ತಿಯ ಬಗ್ಗೆ ಯಾರಿಗಾದರೂ ಮಾಹಿತಿ ಇದ್ದಲ್ಲಿ ಅಥವಾ ದೊರೆತಲ್ಲಿ ದೂ.ಸಂ: 08534-230333, ಮೊ.ಸಂ: 9480803750, ಇ-ಮೇಲ್: kukanoorkpl@ksp.gov.in ಗೆ ಸಂಪರ್ಕಿಸಿ ಮಾಹಿತಿ ನೀಡಬೇಕು ಎಂದು ಕುಕನೂರು ಪೊಲೀಸ್ ಠಾಣಾಧಿಕಾರಿ ಪ್ರಕಟಣೆಯಲ್ಲಿ ತಿಳಿಸಿದ್ದಾರೆ.
ನಗರಸಭಾ ಕಾರ್ಯಾಲಯ ಹೊಸಪೇಟೆ.
ಪ್ರಕಟಣೆಸಂ : ತಾಂತ್ರಿಕ : ಕಾಮಗಾರಿ : ಟೆಂಡರ್ : 2025-26	ದಿ:19-12-2025.
-:: ಟೆಂಡರ್‌ಗಾಗಿಆಹ್ವಾನ(ಐ.ಎಫ್.ಟಿ) ಅಲ್ಪಾವಧಿ ಟೆಂಡರ್ ಪ್ರಕಟಣೆ ::-
ಸನ್ 2025-26 ನೇ ಸಾಲಿನ ಹೊಸಪೇಟೆ ನಗರಸಭೆ ನಿಧಿಯಿಂದ ಈ ಕೆಳಗಿನ ಕಾಮಗಾರಿಯನ್ನು,ಕರ್ನಾಟಕ ಲೋಕೋಪಯೋಗಿ ಇಲಾಖೆಯಲ್ಲಿ (ಇ-ಪ್ರೊಕ್ಯೂರ್‌ಮೆಂಟ್) ಸಕ್ತ ದರ್ಜೆಗುತ್ತಿಗೆದಾರರಿಂದಟೆಂಡರ್‌ನ್ನುಆಹ್ವಾನಿಸಲಾಗಿದೆ. ವಿದ್ಯುನ್ಮಾನ ಗುತ್ತಿಗೆದಾರರುಟೆಂಡರ್‌ನಲ್ಲಿ ಭಾಗವಹಿಸಬಹುದು.
1.ಖಾಲಿ ಟೆಂಡರ್ ಫಾರಂಗಳನ್ನು ಸಲ್ಲಿಸಲು ಕೊನೆಯ ದಿನಾಂಕ : 26-12-2025 ಸಾಯಂಕಾಲ 4.10 ಕ್ಕೆ.
2.ಭರ್ತಿ ಮಾಡಿದ ಟೆಂಡರ್ ಫಾರಂಗಳನ್ನು ಸ್ವೀಕರಿಸುವ ಕೊನೆಯ ದಿನಾಂಕ:27-12-2025 ಸಾಯಂಕಾಲ 5:30ಕ್ಕೆ ಹಾಗೂ ಸಾಧ್ಯವಾದಲ್ಲಿ ಅದೇ ದಿನಾಂಕದಂದು ಟೆಂಡರ್ ತೆರೆಯಲಾಗುವುದು.
ಹೆಚ್ಚಿನ ಮಾಹಿತಿಗಾಗಿ ಹೊಸಪೇಟೆ ನಗರಸಭೆಯ ತಾಂತ್ರಿಕ ಶಾಖೆಯನ್ನು ಸಂಪರ್ಕಿಸಬಹುದು.
ಕಾಮಗಾರಿ ವಿವರ : 01.ಹೊಸಪೇಟೆ ನಗರದ 02ನೇ ಹಂತದ ಜಲಶುದ್ಧೀಕರಣ ಘಟಕಕ್ಕೆ ಕ್ಲೋರಿನ್ ಸಿಲಿಂಡರ್ ಸರಬರಾಜು ಮಾಡುವುದು. ಟೆಂಡರ್‌ಗಿಟ್ಟ ಅಂದಾಜು ಮೊತ್ತ (ಲಕ್ಷಗಳಲ್ಲಿ) : 4.90. ಇ.ಎಂ.ಡಿ ಮೊತ್ತ : 12250/-
02.ಹೊಸಪೇಟೆ ನಗರದ 02ನೇ ಹಂತದ ಜಲಶುದ್ಧೀಕರಣ ಘಟಕಕ್ಕೆ PAC Powder (Chemical) ಸರಬರಾಜು ಮಾಡುವುದು. ಟೆಂಡರ್‌ಗಿಟ್ಟ ಅಂದಾಜು ಮೊತ್ತ (ಲಕ್ಷಗಳಲ್ಲಿ) : 4.80. ಇ.ಎಂ.ಡಿ ಮೊತ್ತ : 12000/-
ಟೆಂಡರ್ ಶುಲ್ಕ :500+50 (ಹೆಚ್ಚಿನ ಮಾಹಿತಿಗಾಗಿ ನಗರಸಭೆಕಾರ್ಯಾಲಯ ಹೊಸಪೇಟೆಯಲ್ಲಿ ಕೆಲಸದ ದಿನದಂದು ಕಚೇರಿ ವೇಳೆಯಲ್ಲಿ ತಾಂತ್ರಿಕ ಶಾಖೆಯನ್ನು ಸಂಪರ್ಕಿಸಬಹುದು. ಸಾಧ್ಯವಾದಲ್ಲಿಟೆಂಡರ್ ಸ್ವೀಕರಿಸುವ ದಿನಾಂಕದಂದೇ ಹಾಜರಿರುವಟೆಂಡರ್‌ದಾರರ ಸಮ್ಮುಖದಲ್ಲಿ ಟೆಂಡರ್‌ಗಳನ್ನು ತೆರೆಯಲಾಗುವುದು ಅಥವಾ ಬೇರೆ ದಿನಾಂಕವನ್ನು ನಿಗದಿಪಡಿಸಲಾಗುವುದು.
ಸಹಿ/-ಸಹಾಯಕ ಕಾರ್ಯನಿರ್ವಾಹಕ	ವಾ.ಸಾ.ಸಂ.ಇ/ವಿಜಯನಗರ/2025-26/	ಸಹಿ/-ಪೌರಾಯುಕ್ತರು,
ಅಭಿಯಂತರರು, ನಗರಸಭೆ ಹೊಸಪೇಟೆ.	ಸಿಡಿಪಿಓ/ಆರ್.ಓ.ಸಂಖ್ಯೆ/411	ನಗರಸಭೆ ಹೊಸಪೇಟೆ.
